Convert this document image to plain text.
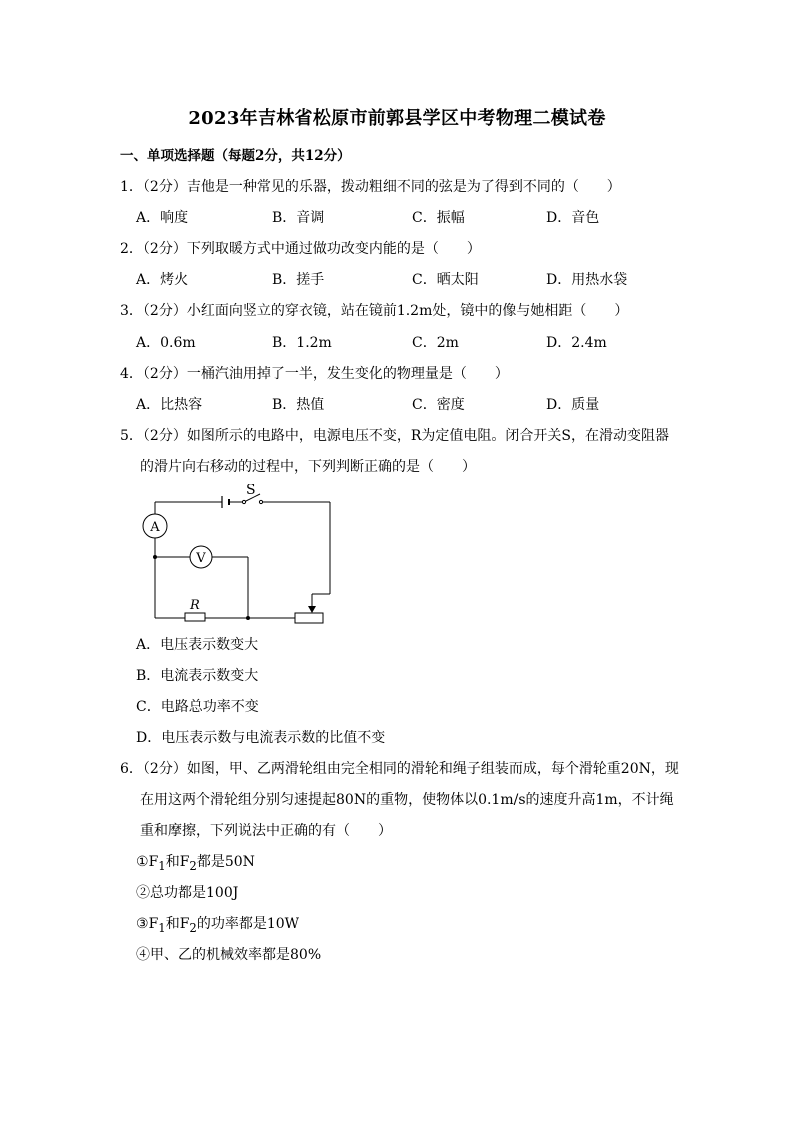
2023年吉林省松原市前郭县学区中考物理二模试卷
一、单项选择题（每题2分，共12分）
1．（2分）吉他是一种常见的乐器，拨动粗细不同的弦是为了得到不同的（　　）
A．响度	B．音调	C．振幅	D．音色
2．（2分）下列取暖方式中通过做功改变内能的是（　　）
A．烤火	B．搓手	C．晒太阳	D．用热水袋
3．（2分）小红面向竖立的穿衣镜，站在镜前1.2m处，镜中的像与她相距（　　）
A．0.6m	B．1.2m	C．2m	D．2.4m
4．（2分）一桶汽油用掉了一半，发生变化的物理量是（　　）
A．比热容	B．热值	C．密度	D．质量
5．（2分）如图所示的电路中，电源电压不变，R为定值电阻。闭合开关S，在滑动变阻器
的滑片向右移动的过程中，下列判断正确的是（　　）
S
A
V
R
A．电压表示数变大
B．电流表示数变大
C．电路总功率不变
D．电压表示数与电流表示数的比值不变
6．（2分）如图，甲、乙两滑轮组由完全相同的滑轮和绳子组装而成，每个滑轮重20N，现
在用这两个滑轮组分别匀速提起80N的重物，使物体以0.1m/s的速度升高1m，不计绳
重和摩擦，下列说法中正确的有（　　）
$①F_1$和$F_2$都是50N
②总功都是100J
$③F_1$和$F_2$的功率都是10W
④甲、乙的机械效率都是80%
